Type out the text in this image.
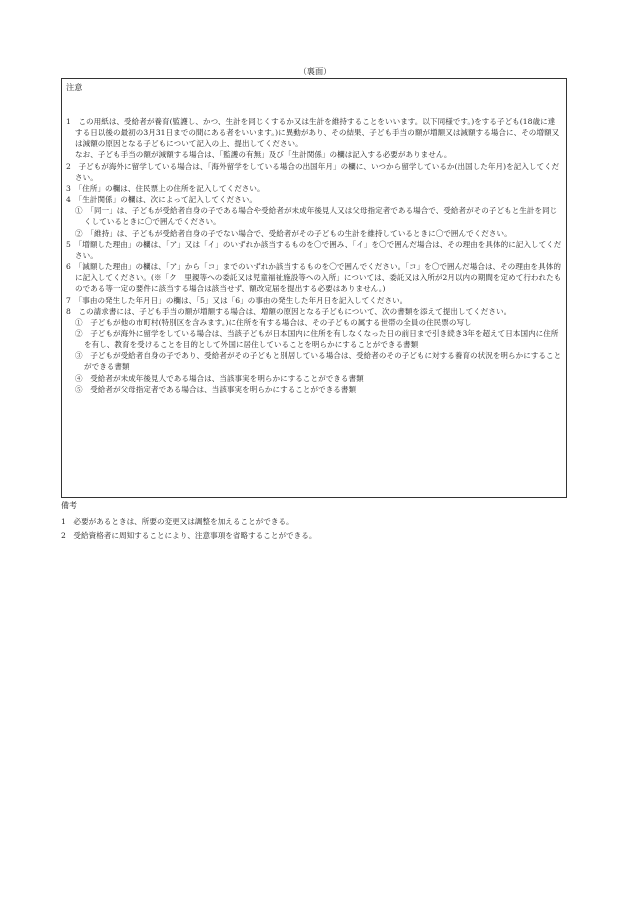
（裏面）
注意

1　この用紙は、受給者が養育(監護し、かつ、生計を同じくするか又は生計を維持することをいいます。以下同様です。)をする子ども(18歳に達する日以後の最初の3月31日までの間にある者をいいます。)に異動があり、その結果、子ども手当の額が増額又は減額する場合に、その増額又は減額の原因となる子どもについて記入の上、提出してください。

なお、子ども手当の額が減額する場合は、「監護の有無」及び「生計関係」の欄は記入する必要がありません。

2　子どもが海外に留学している場合は、「海外留学をしている場合の出国年月」の欄に、いつから留学しているか(出国した年月)を記入してください。

3　「住所」の欄は、住民票上の住所を記入してください。

4　「生計関係」の欄は、次によって記入してください。

①　「同一」は、子どもが受給者自身の子である場合や受給者が未成年後見人又は父母指定者である場合で、受給者がその子どもと生計を同じくしているときに〇で囲んでください。

②　「維持」は、子どもが受給者自身の子でない場合で、受給者がその子どもの生計を維持しているときに〇で囲んでください。

5　「増額した理由」の欄は、「ア」又は「イ」のいずれか該当するものを〇で囲み、「イ」を〇で囲んだ場合は、その理由を具体的に記入してください。

6　「減額した理由」の欄は、「ア」から「コ」までのいずれか該当するものを〇で囲んでください。「コ」を〇で囲んだ場合は、その理由を具体的に記入してください。(※「ク　里親等への委託又は児童福祉施設等への入所」については、委託又は入所が2月以内の期間を定めて行われたものである等一定の要件に該当する場合は該当せず、額改定届を提出する必要はありません。)

7　「事由の発生した年月日」の欄は、「5」又は「6」の事由の発生した年月日を記入してください。

8　この請求書には、子ども手当の額が増額する場合は、増額の原因となる子どもについて、次の書類を添えて提出してください。

①　子どもが他の市町村(特別区を含みます。)に住所を有する場合は、その子どもの属する世帯の全員の住民票の写し

②　子どもが海外に留学をしている場合は、当該子どもが日本国内に住所を有しなくなった日の前日まで引き続き3年を超えて日本国内に住所を有し、教育を受けることを目的として外国に居住していることを明らかにすることができる書類

③　子どもが受給者自身の子であり、受給者がその子どもと別居している場合は、受給者のその子どもに対する養育の状況を明らかにすることができる書類

④　受給者が未成年後見人である場合は、当該事実を明らかにすることができる書類

⑤　受給者が父母指定者である場合は、当該事実を明らかにすることができる書類

備考
1　必要があるときは、所要の変更又は調整を加えることができる。
2　受給資格者に周知することにより、注意事項を省略することができる。
